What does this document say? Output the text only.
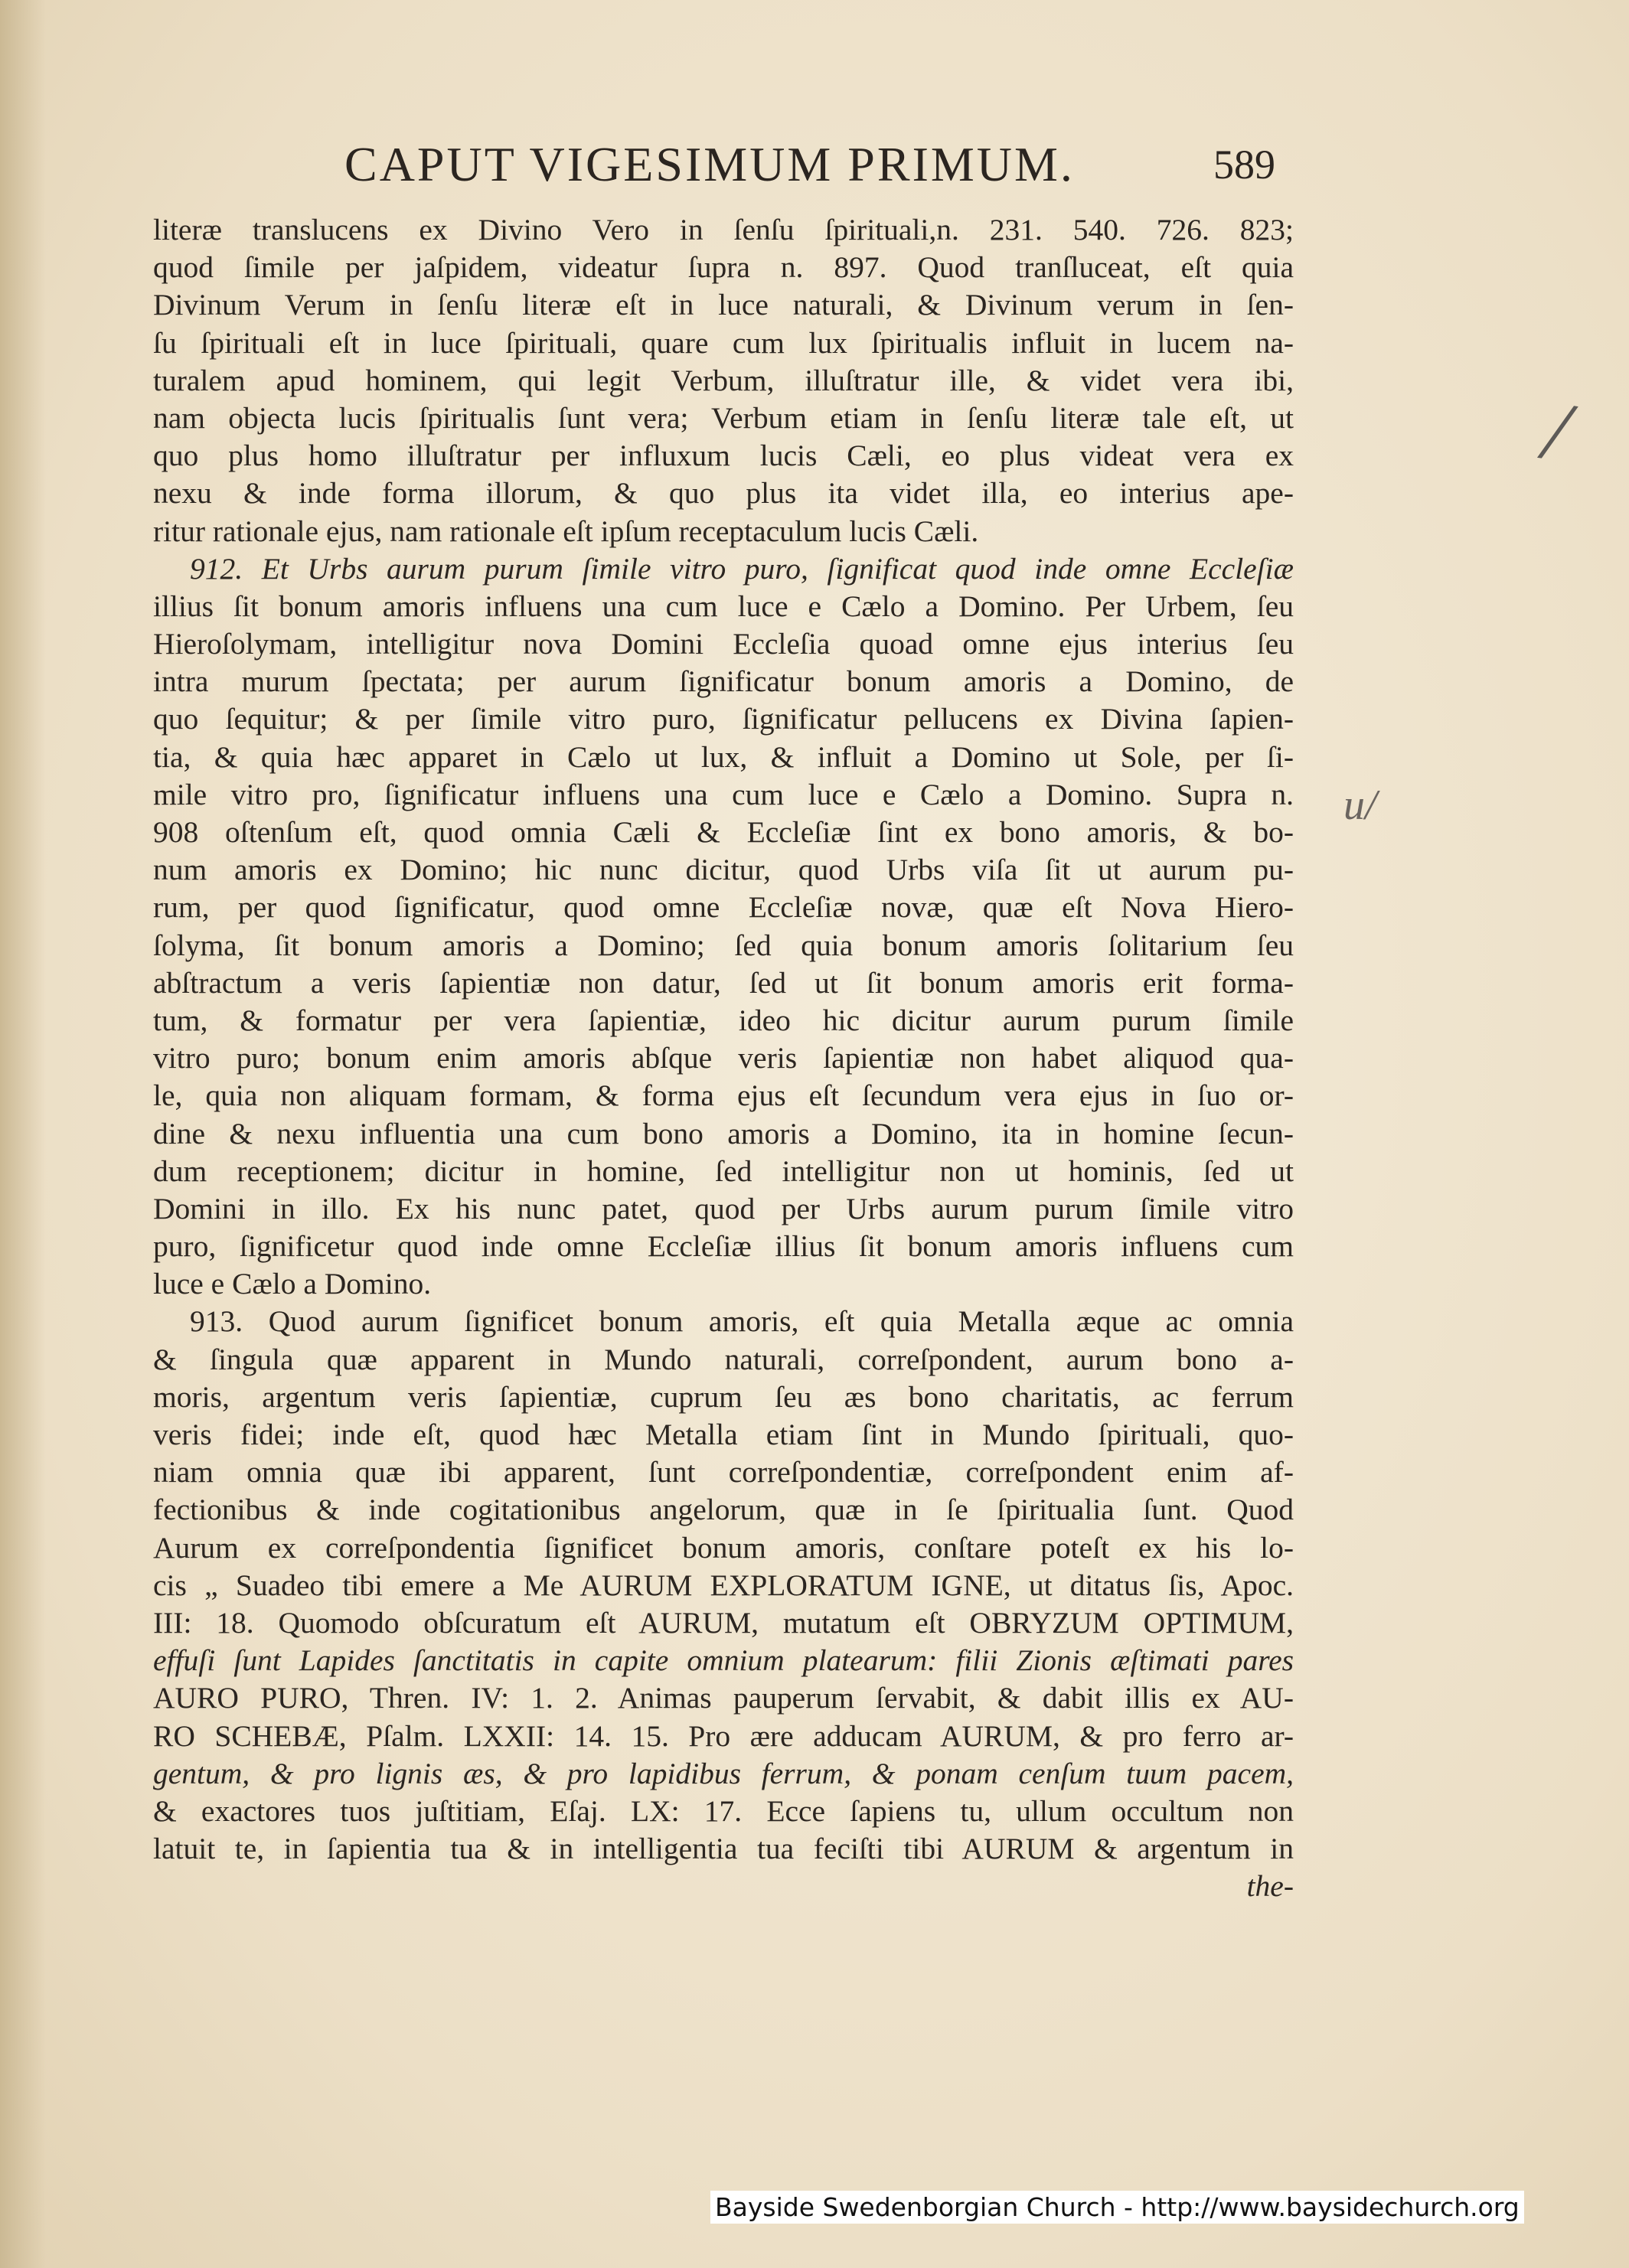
CAPUT VIGESIMUM PRIMUM.	589
literæ translucens ex Divino Vero in ſenſu ſpirituali,n. 231. 540. 726. 823;
quod ſimile per jaſpidem, videatur ſupra n. 897. Quod tranſluceat, eſt quia
Divinum Verum in ſenſu literæ eſt in luce naturali, & Divinum verum in ſen-
ſu ſpirituali eſt in luce ſpirituali, quare cum lux ſpiritualis influit in lucem na-
turalem apud hominem, qui legit Verbum, illuſtratur ille, & videt vera ibi,
nam objecta lucis ſpiritualis ſunt vera; Verbum etiam in ſenſu literæ tale eſt, ut
quo plus homo illuſtratur per influxum lucis Cæli, eo plus videat vera ex
nexu & inde forma illorum, & quo plus ita videt illa, eo interius ape-
ritur rationale ejus, nam rationale eſt ipſum receptaculum lucis Cæli.
912. Et Urbs aurum purum ſimile vitro puro, ſignificat quod inde omne Eccleſiæ
illius ſit bonum amoris influens una cum luce e Cælo a Domino. Per Urbem, ſeu
Hieroſolymam, intelligitur nova Domini Eccleſia quoad omne ejus interius ſeu
intra murum ſpectata; per aurum ſignificatur bonum amoris a Domino, de
quo ſequitur; & per ſimile vitro puro, ſignificatur pellucens ex Divina ſapien-
tia, & quia hæc apparet in Cælo ut lux, & influit a Domino ut Sole, per ſi-
mile vitro pro, ſignificatur influens una cum luce e Cælo a Domino. Supra n.
908 oſtenſum eſt, quod omnia Cæli & Eccleſiæ ſint ex bono amoris, & bo-
num amoris ex Domino; hic nunc dicitur, quod Urbs viſa ſit ut aurum pu-
rum, per quod ſignificatur, quod omne Eccleſiæ novæ, quæ eſt Nova Hiero-
ſolyma, ſit bonum amoris a Domino; ſed quia bonum amoris ſolitarium ſeu
abſtractum a veris ſapientiæ non datur, ſed ut ſit bonum amoris erit forma-
tum, & formatur per vera ſapientiæ, ideo hic dicitur aurum purum ſimile
vitro puro; bonum enim amoris abſque veris ſapientiæ non habet aliquod qua-
le, quia non aliquam formam, & forma ejus eſt ſecundum vera ejus in ſuo or-
dine & nexu influentia una cum bono amoris a Domino, ita in homine ſecun-
dum receptionem; dicitur in homine, ſed intelligitur non ut hominis, ſed ut
Domini in illo. Ex his nunc patet, quod per Urbs aurum purum ſimile vitro
puro, ſignificetur quod inde omne Eccleſiæ illius ſit bonum amoris influens cum
luce e Cælo a Domino.
913. Quod aurum ſignificet bonum amoris, eſt quia Metalla æque ac omnia
& ſingula quæ apparent in Mundo naturali, correſpondent, aurum bono a-
moris, argentum veris ſapientiæ, cuprum ſeu æs bono charitatis, ac ferrum
veris fidei; inde eſt, quod hæc Metalla etiam ſint in Mundo ſpirituali, quo-
niam omnia quæ ibi apparent, ſunt correſpondentiæ, correſpondent enim af-
fectionibus & inde cogitationibus angelorum, quæ in ſe ſpiritualia ſunt. Quod
Aurum ex correſpondentia ſignificet bonum amoris, conſtare poteſt ex his lo-
cis „ Suadeo tibi emere a Me AURUM EXPLORATUM IGNE, ut ditatus ſis, Apoc.
III: 18. Quomodo obſcuratum eſt AURUM, mutatum eſt OBRYZUM OPTIMUM,
effuſi ſunt Lapides ſanctitatis in capite omnium platearum: filii Zionis æſtimati pares
AURO PURO, Thren. IV: 1. 2. Animas pauperum ſervabit, & dabit illis ex AU-
RO SCHEBÆ, Pſalm. LXXII: 14. 15. Pro ære adducam AURUM, & pro ferro ar-
gentum, & pro lignis æs, & pro lapidibus ferrum, & ponam cenſum tuum pacem,
& exactores tuos juſtitiam, Eſaj. LX: 17. Ecce ſapiens tu, ullum occultum non
latuit te, in ſapientia tua & in intelligentia tua feciſti tibi AURUM & argentum in
the-
/
u/
Bayside Swedenborgian Church - http://www.baysidechurch.org
